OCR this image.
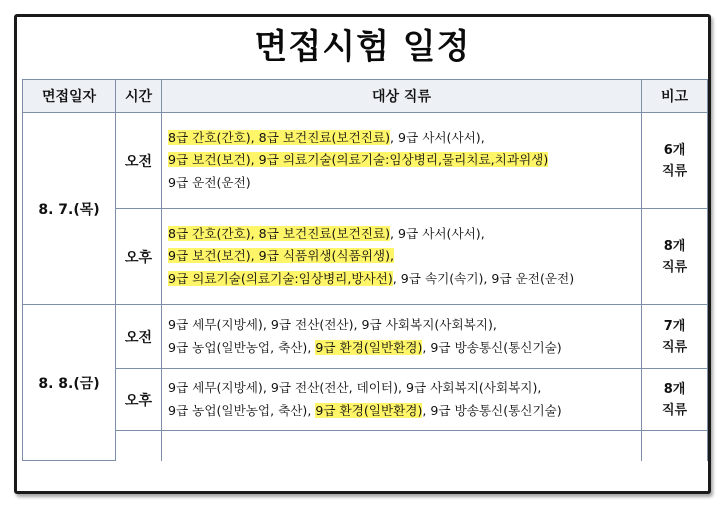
면접시험 일정
면접일자	시간	대상 직류	비고
8. 7.(목)	오전	8급 간호(간호), 8급 보건진료(보건진료), 9급 사서(사서),
9급 보건(보건), 9급 의료기술(의료기술:임상병리,물리치료,치과위생)
9급 운전(운전)	6개
직류

	오후	8급 간호(간호), 8급 보건진료(보건진료), 9급 사서(사서),
9급 보건(보건), 9급 식품위생(식품위생),
9급 의료기술(의료기술:임상병리,방사선), 9급 속기(속기), 9급 운전(운전)	8개
직류

8. 8.(금)	오전	9급 세무(지방세), 9급 전산(전산), 9급 사회복지(사회복지),
9급 농업(일반농업, 축산), 9급 환경(일반환경), 9급 방송통신(통신기술)	7개
직류

	오후	9급 세무(지방세), 9급 전산(전산, 데이터), 9급 사회복지(사회복지),
9급 농업(일반농업, 축산), 9급 환경(일반환경), 9급 방송통신(통신기술)	8개
직류
